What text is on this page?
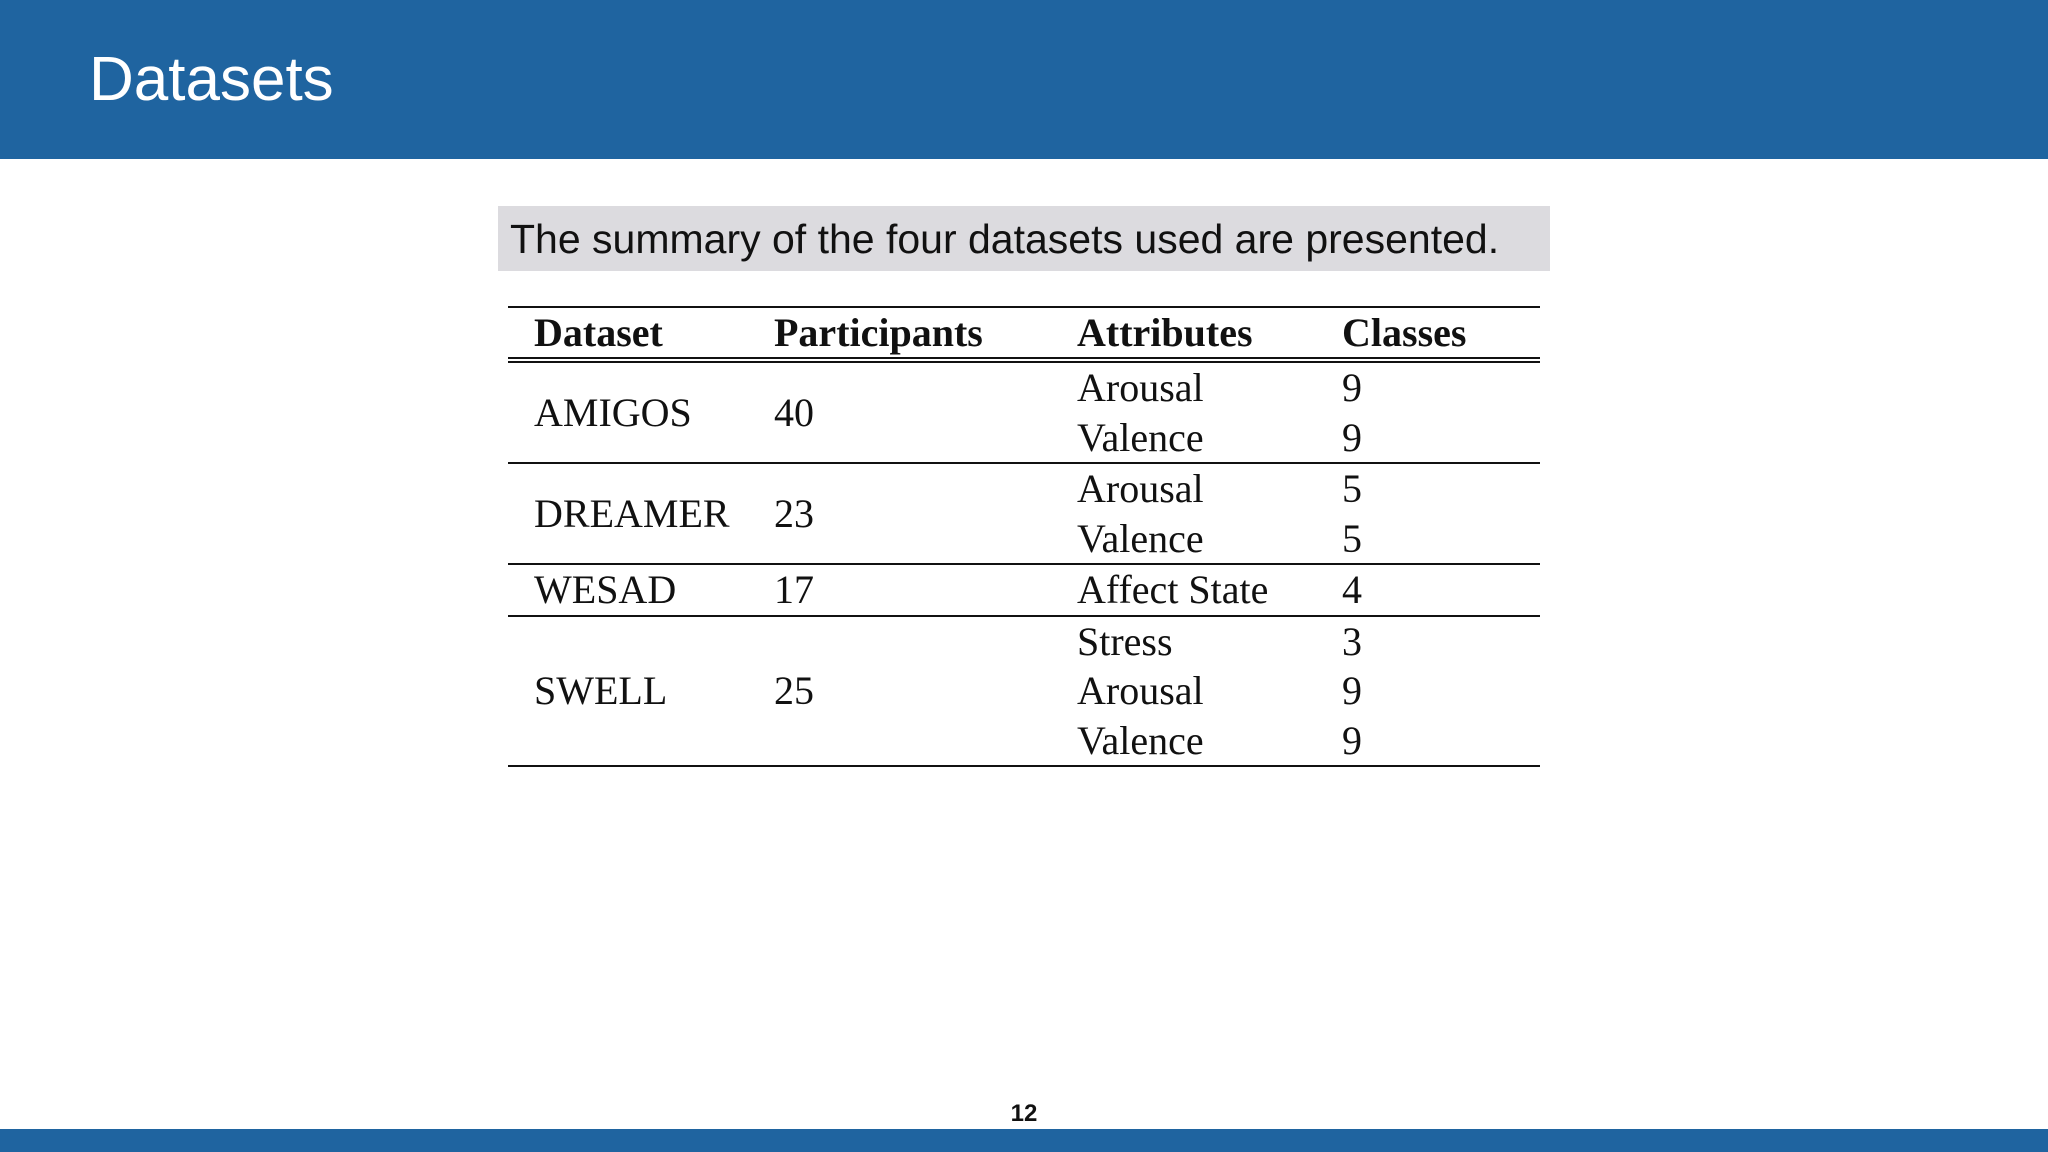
Datasets
The summary of the four datasets used are presented.
Dataset	Participants	Attributes	Classes
AMIGOS	40	Arousal	9
		Valence	9
DREAMER	23	Arousal	5
		Valence	5
WESAD	17	Affect State	4
SWELL	25	Stress	3
		Arousal	9
		Valence	9
12
